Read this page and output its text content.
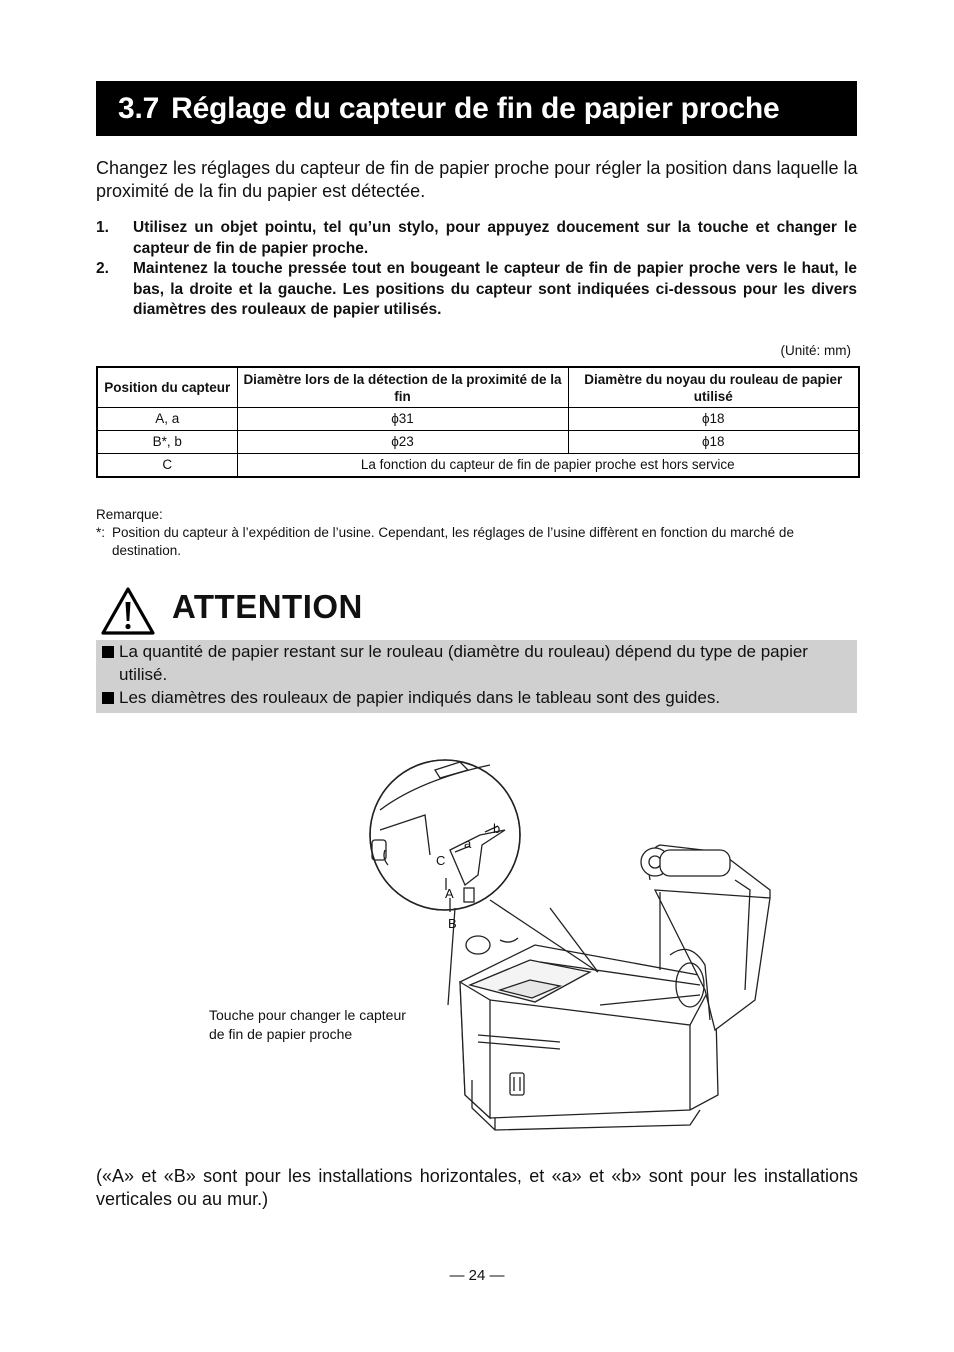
3.7 Réglage du capteur de fin de papier proche

Changez les réglages du capteur de fin de papier proche pour régler la position dans laquelle la proximité de la fin du papier est détectée.

1. Utilisez un objet pointu, tel qu’un stylo, pour appuyez doucement sur la touche et changer le capteur de fin de papier proche.
2. Maintenez la touche pressée tout en bougeant le capteur de fin de papier proche vers le haut, le bas, la droite et la gauche. Les positions du capteur sont indiquées ci-dessous pour les divers diamètres des rouleaux de papier utilisés.
(Unité: mm)
Position du capteur	Diamètre lors de la détection de la proximité de la fin	Diamètre du noyau du rouleau de papier utilisé
A, a	ϕ31	ϕ18
B*, b	ϕ23	ϕ18
C	La fonction du capteur de fin de papier proche est hors service	
Remarque:
*: Position du capteur à l’expédition de l’usine. Cependant, les réglages de l’usine diffèrent en fonction du marché de destination.
ATTENTION
La quantité de papier restant sur le rouleau (diamètre du rouleau) dépend du type de papier utilisé.
Les diamètres des rouleaux de papier indiqués dans le tableau sont des guides.
C
a
b
A
B
Touche pour changer le capteur
de fin de papier proche
(«A» et «B» sont pour les installations horizontales, et «a» et «b» sont pour les installations verticales ou au mur.)
— 24 —
